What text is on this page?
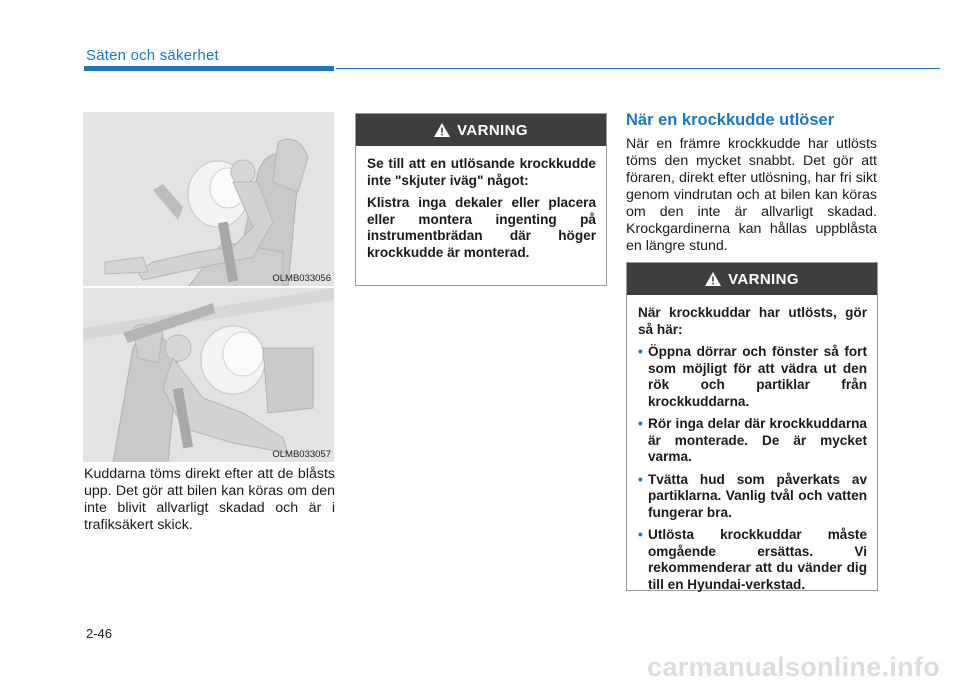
Säten och säkerhet
OLMB033056
OLMB033057
Kuddarna töms direkt efter att de blåsts upp. Det gör att bilen kan köras om den inte blivit allvarligt skadad och är i trafiksäkert skick.
VARNING

Se till att en utlösande krockkudde inte "skjuter iväg" något:

Klistra inga dekaler eller placera eller montera ingenting på instrumentbrädan där höger krockkudde är monterad.

När en krockkudde utlöser
När en främre krockkudde har utlösts töms den mycket snabbt. Det gör att föraren, direkt efter utlösning, har fri sikt genom vindrutan och at bilen kan köras om den inte är allvarligt skadad. Krockgardinerna kan hållas uppblåsta en längre stund.
VARNING

När krockkuddar har utlösts, gör så här:

• Öppna dörrar och fönster så fort som möjligt för att vädra ut den rök och partiklar från krockkuddarna.
• Rör inga delar där krockkuddarna är monterade. De är mycket varma.
• Tvätta hud som påverkats av partiklarna. Vanlig tvål och vatten fungerar bra.
• Utlösta krockkuddar måste omgående ersättas. Vi rekommenderar att du vänder dig till en Hyundai-verkstad.
2-46
carmanualsonline.info
